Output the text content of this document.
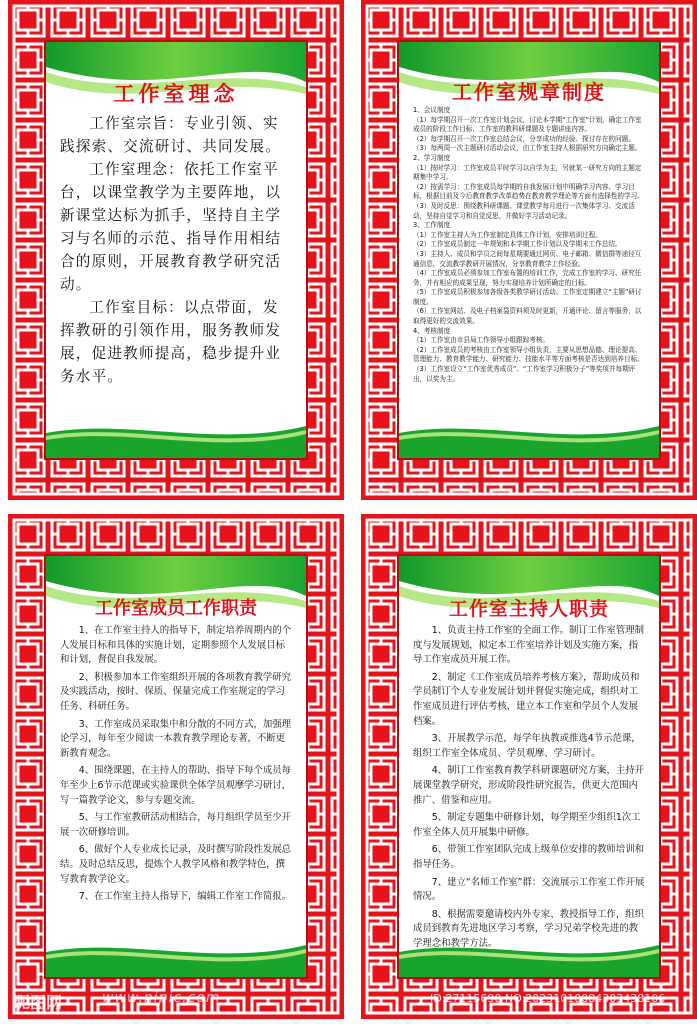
工作室理念

工作室宗旨：专业引领、实践探索、交流研讨、共同发展。

工作室理念：依托工作室平台，以课堂教学为主要阵地，以新课堂达标为抓手，坚持自主学习与名师的示范、指导作用相结合的原则，开展教育教学研究活动。

工作室目标：以点带面，发挥教研的引领作用，服务教师发展，促进教师提高，稳步提升业务水平。

工作室规章制度

1、会议制度

（1）每学期召开一次工作室计划会议，讨论本学期“工作室”计划，确定工作室成员的阶段工作目标、工作室的教科研课题及专题讲座内容。

（2）每学期召开一次工作室总结会议，分享成功的经验、探讨存在的问题。

（3）每两周一次主题研讨活动会议，由工作室主持人根据研究方向确定主题。

2、学习制度

（1）按时学习：工作室成员平时学习以自学为主，另就某一研究方向的主题定期集中学习。

（2）按需学习：工作室成员每学期的自我发展计划中明确学习内容、学习目标，根据目前及今后教育教学改革趋势在教育教学理论等方面有选择性的学习。

（3）及时反思：围绕教科研课题、课堂教学每月进行一次集体学习、交流活动，坚持自觉学习和自觉反思，并做好学习活动记录。

3、工作制度

（1）工作室主持人为工作室制定具体工作计划，安排培训过程。

（2）工作室成员制定一年规划和本学期工作计划以及学期末工作总结。

（3）主持人、成员和学员之间每星期要通过网页、电子邮箱、微信群等途径互通信息，交流教学教研开展情况，分享教育教学工作经验。

（4）工作室成员必须参加工作室布置的培训工作，完成工作室的学习、研究任务，并有相应的成果呈现，努力实现培养计划所确定的目标。

（5）工作室成员积极参加各级各类教学研讨活动。工作室定期建立“主题”研讨制度。

（6）工作室网站、及电子档案袋资料须及时更新，开通评论、留言等服务，以取得更好的交流效果。

4、考核制度

（1）工作室由市县局工作领导小组跟踪考核。

（2）工作室成员的考核由工作室领导小组负责，主要从思想品德、理论提高、管理能力、教育教学能力、研究能力、技能水平等方面考核是否达到培养目标。

（3）工作室设立“工作室优秀成员”、“工作室学习积极分子”等奖项并每期评出，以奖为主。

工作室成员工作职责

1、在工作室主持人的指导下，制定培养周期内的个人发展目标和具体的实施计划，定期参照个人发展目标和计划，督促自我发展。

2、积极参加本工作室组织开展的各项教育教学研究及实践活动，按时、保质、保量完成工作室规定的学习任务、科研任务。

3、工作室成员采取集中和分散的不同方式，加强理论学习，每年至少阅读一本教育教学理论专著，不断更新教育观念。

4、围绕课题，在主持人的帮助、指导下每个成员每年至少上6节示范课或实验课供全体学员观摩学习研讨，写一篇教学论文，参与专题交流。

5、与工作室教研活动相结合，每月组织学员至少开展一次研修培训。

6、做好个人专业成长记录，及时撰写阶段性发展总结。及时总结反思，提炼个人教学风格和教学特色，撰写教育教学论文。

7、在工作室主持人指导下，编辑工作室工作简报。

工作室主持人职责

1、负责主持工作室的全面工作。制订工作室管理制度与发展规划，拟定本工作室培养计划及实施方案，指导工作室成员开展工作。

2、制定《工作室成员培养考核方案》，帮助成员和学员制订个人专业发展计划并督促实施完成，组织对工作室成员进行评估考核，建立本工作室和学员个人发展档案。

3、开展教学示范，每学年执教或推选4节示范课，组织工作室全体成员、学员观摩、学习研讨。

4、制订工作室教育教学科研课题研究方案，主持开展课堂教学研究，形成阶段性研究报告，供更大范围内推广、借鉴和应用。

5、制定专题集中研修计划，每学期至少组织1次工作室全体人员开展集中研修。

6、带领工作室团队完成上级单位安排的教师培训和指导任务。

7、建立“名师工作室”群：交流展示工作室工作开展情况。

8、根据需要邀请校内外专家、教授指导工作，组织成员到教育先进地区学习考察，学习兄弟学校先进的教学理念和教学方法。

昵图网	www.nipic.com	ID:27115690 NO:20231010084303438106
